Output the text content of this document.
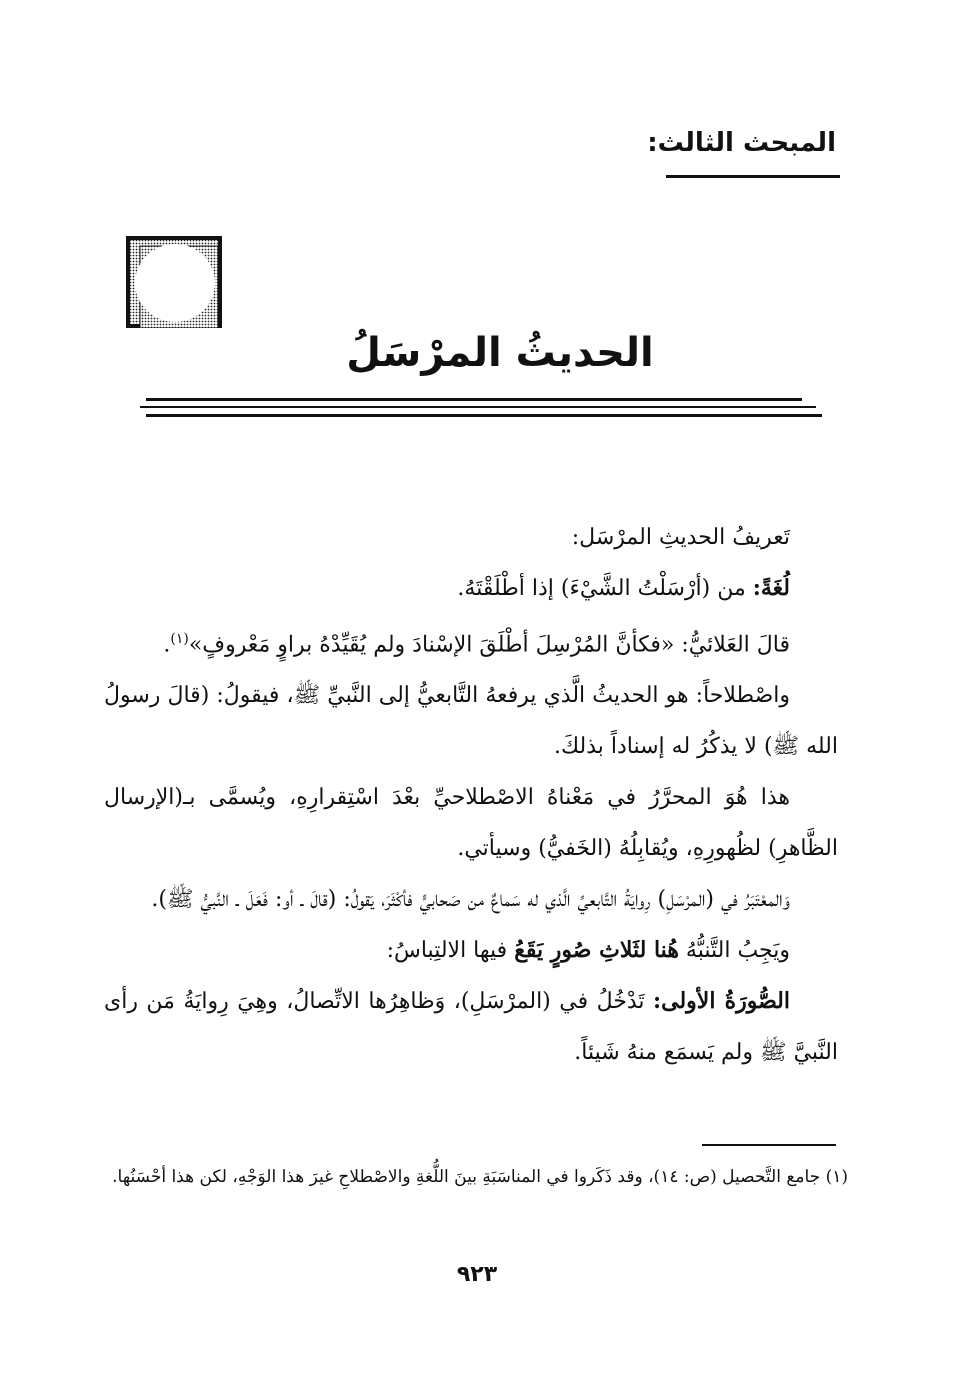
المبحث الثالث:
الحديثُ المرْسَلُ

تَعريفُ الحديثِ المرْسَل:

لُغَةً: من (أرْسَلْتُ الشَّيْءَ) إذا أطْلَقْتَهُ.

قالَ العَلائيُّ: «فكأنَّ المُرْسِلَ أطْلَقَ الإسْنادَ ولم يُقَيِّدْهُ براوٍ مَعْروفٍ»$^{(١)}$.

واصْطلاحاً: هو الحديثُ الَّذي يرفعهُ التَّابعيُّ إلى النَّبيِّ ﷺ، فيقولُ: (قالَ رسولُ الله ﷺ) لا يذكُرُ له إسناداً بذلكَ.

هذا هُوَ المحرَّرُ في مَعْناهُ الاصْطلاحيِّ بعْدَ اسْتِقرارِهِ، ويُسمَّى بـ(الإرسال الظَّاهرِ) لظُهورِهِ، ويُقابِلُهُ (الخَفيُّ) وسيأتي.

وَالمعْتَبَرُ في (المرْسَلِ) رِوايَةُ التَّابعيِّ الَّذي له سَماعٌ من صَحابيٍّ فأكْثَرَ، يَقولُ: (قالَ ـ أو: فَعَلَ ـ النَّبيُّ ﷺ).

ويَجِبُ التَّنبُّهُ هُنا لثَلاثِ صُورٍ يَقَعُ فيها الالتِباسُ:

الصُّورَةُ الأولى: تَدْخُلُ في (المرْسَلِ)، وَظاهِرُها الاتِّصالُ، وهِيَ رِوايَةُ مَن رأى النَّبيَّ ﷺ ولم يَسمَع منهُ شَيئاً.

(١) جامع التَّحصيل (ص: ١٤)، وقد ذَكَروا في المناسَبَةِ بينَ اللُّغةِ والاصْطلاحِ غيرَ هذا الوَجْهِ، لكن هذا أحْسَنُها.

٩٢٣
